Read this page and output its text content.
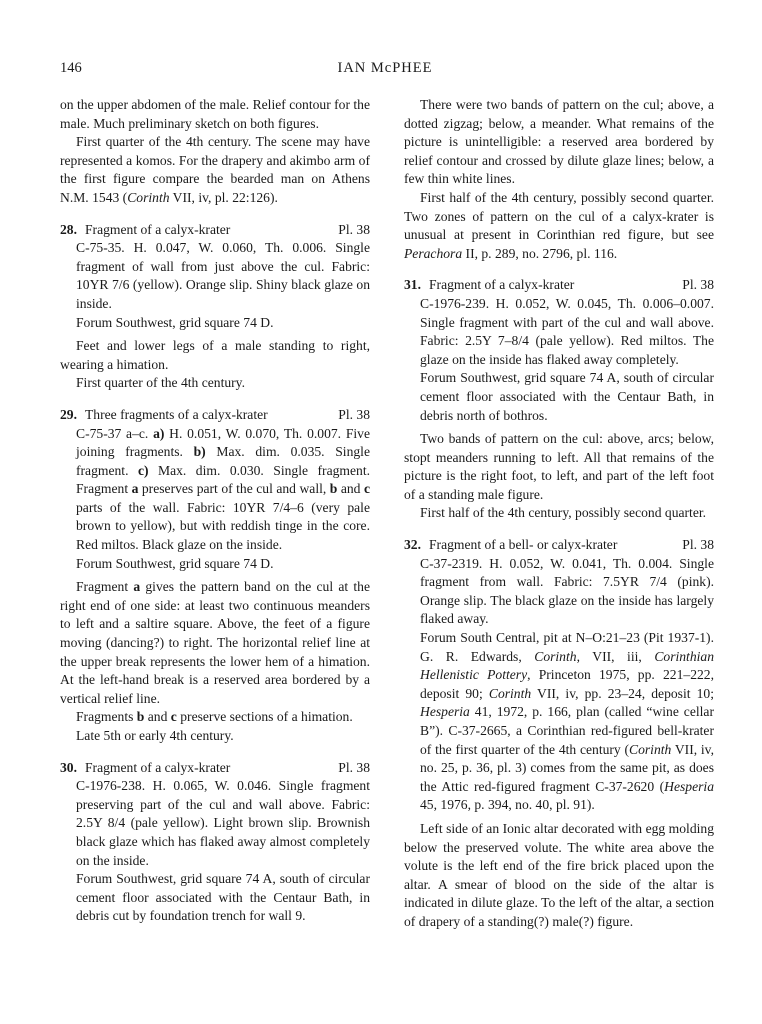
146	IAN McPHEE

on the upper abdomen of the male. Relief contour for the male. Much preliminary sketch on both figures.

First quarter of the 4th century. The scene may have represented a komos. For the drapery and akimbo arm of the first figure compare the bearded man on Athens N.M. 1543 (Corinth VII, iv, pl. 22:126).

28. Fragment of a calyx-krater	Pl. 38

C-75-35. H. 0.047, W. 0.060, Th. 0.006. Single fragment of wall from just above the cul. Fabric: 10YR 7/6 (yellow). Orange slip. Shiny black glaze on inside.

Forum Southwest, grid square 74 D.

Feet and lower legs of a male standing to right, wearing a himation.

First quarter of the 4th century.

29. Three fragments of a calyx-krater	Pl. 38

C-75-37 a–c. a) H. 0.051, W. 0.070, Th. 0.007. Five joining fragments. b) Max. dim. 0.035. Single fragment. c) Max. dim. 0.030. Single fragment. Fragment a preserves part of the cul and wall, b and c parts of the wall. Fabric: 10YR 7/4–6 (very pale brown to yellow), but with reddish tinge in the core. Red miltos. Black glaze on the inside.

Forum Southwest, grid square 74 D.

Fragment a gives the pattern band on the cul at the right end of one side: at least two continuous meanders to left and a saltire square. Above, the feet of a figure moving (dancing?) to right. The horizontal relief line at the upper break represents the lower hem of a himation. At the left-hand break is a reserved area bordered by a vertical relief line.

Fragments b and c preserve sections of a himation.

Late 5th or early 4th century.

30. Fragment of a calyx-krater	Pl. 38

C-1976-238. H. 0.065, W. 0.046. Single fragment preserving part of the cul and wall above. Fabric: 2.5Y 8/4 (pale yellow). Light brown slip. Brownish black glaze which has flaked away almost completely on the inside.

Forum Southwest, grid square 74 A, south of circular cement floor associated with the Centaur Bath, in debris cut by foundation trench for wall 9.

There were two bands of pattern on the cul; above, a dotted zigzag; below, a meander. What remains of the picture is unintelligible: a reserved area bordered by relief contour and crossed by dilute glaze lines; below, a few thin white lines.

First half of the 4th century, possibly second quarter. Two zones of pattern on the cul of a calyx-krater is unusual at present in Corinthian red figure, but see Perachora II, p. 289, no. 2796, pl. 116.

31. Fragment of a calyx-krater	Pl. 38

C-1976-239. H. 0.052, W. 0.045, Th. 0.006–0.007. Single fragment with part of the cul and wall above. Fabric: 2.5Y 7–8/4 (pale yellow). Red miltos. The glaze on the inside has flaked away completely.

Forum Southwest, grid square 74 A, south of circular cement floor associated with the Centaur Bath, in debris north of bothros.

Two bands of pattern on the cul: above, arcs; below, stopt meanders running to left. All that remains of the picture is the right foot, to left, and part of the left foot of a standing male figure.

First half of the 4th century, possibly second quarter.

32. Fragment of a bell- or calyx-krater	Pl. 38

C-37-2319. H. 0.052, W. 0.041, Th. 0.004. Single fragment from wall. Fabric: 7.5YR 7/4 (pink). Orange slip. The black glaze on the inside has largely flaked away.

Forum South Central, pit at N–O:21–23 (Pit 1937-1). G. R. Edwards, Corinth, VII, iii, Corinthian Hellenistic Pottery, Princeton 1975, pp. 221–222, deposit 90; Corinth VII, iv, pp. 23–24, deposit 10; Hesperia 41, 1972, p. 166, plan (called “wine cellar B”). C-37-2665, a Corinthian red-figured bell-krater of the first quarter of the 4th century (Corinth VII, iv, no. 25, p. 36, pl. 3) comes from the same pit, as does the Attic red-figured fragment C-37-2620 (Hesperia 45, 1976, p. 394, no. 40, pl. 91).

Left side of an Ionic altar decorated with egg molding below the preserved volute. The white area above the volute is the left end of the fire brick placed upon the altar. A smear of blood on the side of the altar is indicated in dilute glaze. To the left of the altar, a section of drapery of a standing(?) male(?) figure.
